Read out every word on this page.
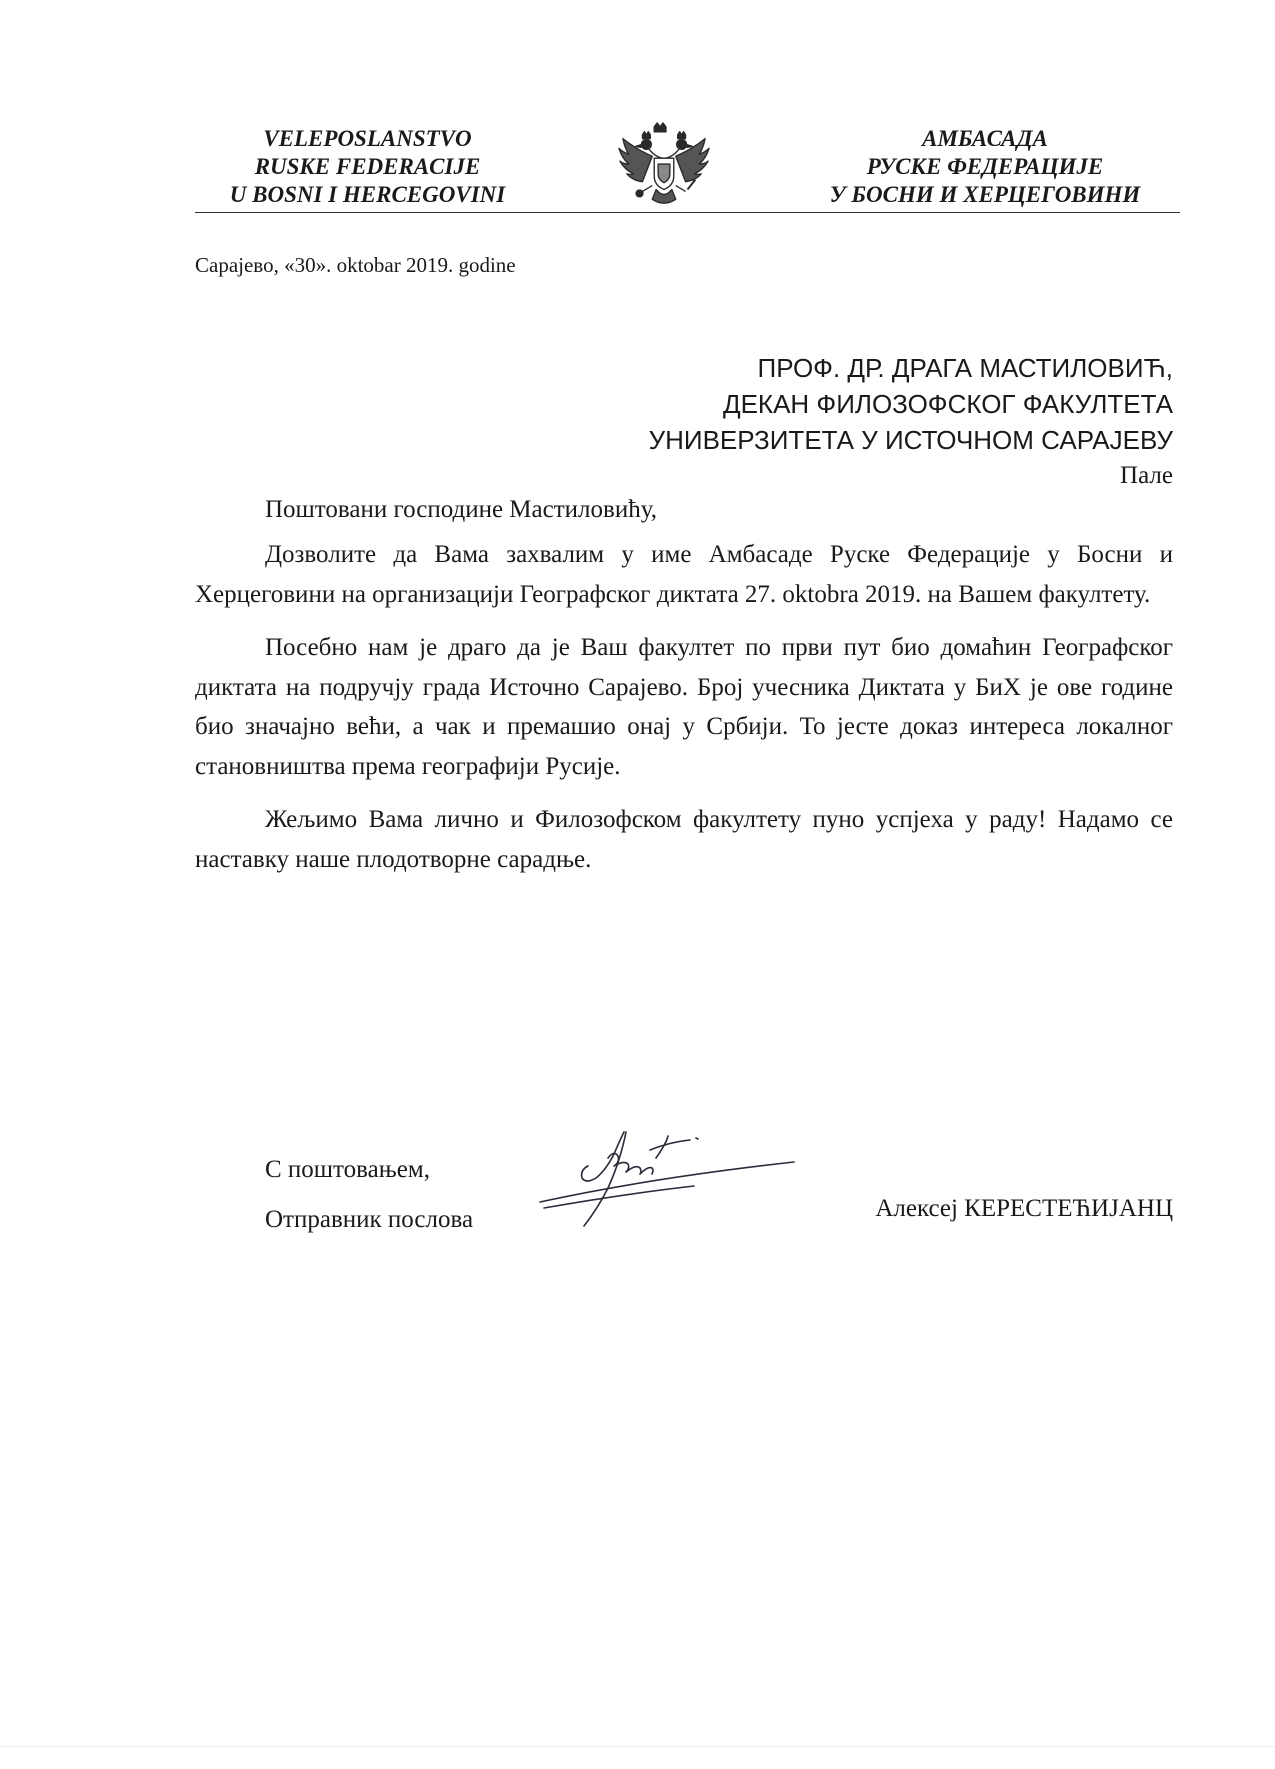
VELEPOSLANSTVO
RUSKE FEDERACIJE
U BOSNI I HERCEGOVINI
АМБАСАДА
РУСКЕ ФЕДЕРАЦИЈЕ
У БОСНИ И ХЕРЦЕГОВИНИ
Сарајево, «30». oktobar 2019. godine
ПРОФ. ДР. ДРАГА МАСТИЛОВИЋ,
ДЕКАН ФИЛОЗОФСКОГ ФАКУЛТЕТА
УНИВЕРЗИТЕТА У ИСТОЧНОМ САРАЈЕВУ
Пале
Поштовани господине Мастиловићу,

Дозволите да Вама захвалим у име Амбасаде Руске Федерације у Босни и Херцеговини на организацији Географског диктата 27. oktobra 2019. на Вашем факултету.

Посебно нам је драго да је Ваш факултет по први пут био домаћин Географског диктата на подручју града Источно Сарајево. Број учесника Диктата у БиХ је ове године био значајно већи, а чак и премашио онај у Србији. То јесте доказ интереса локалног становништва према географији Русије.

Жељимо Вама лично и Филозофском факултету пуно успјеха у раду! Надамо се наставку наше плодотворне сарадње.

С поштовањем,
Отправник послова	Алексеј КЕРЕСТЕЋИЈАНЦ
